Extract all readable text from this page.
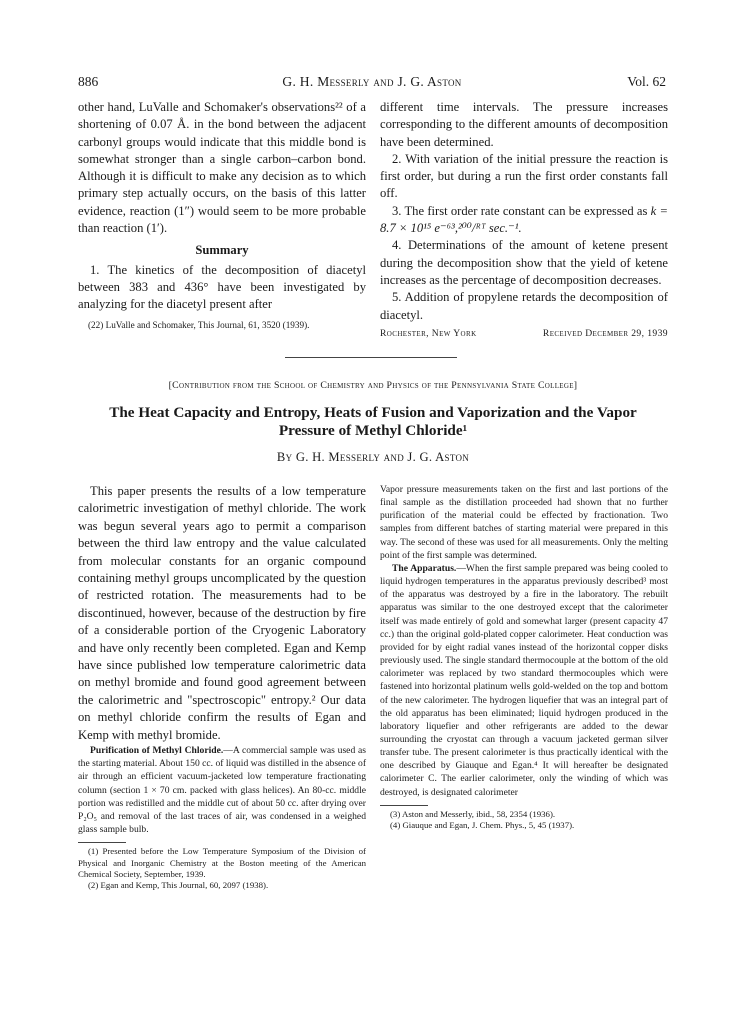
886	G. H. Messerly and J. G. Aston	Vol. 62

other hand, LuValle and Schomaker's observations²² of a shortening of 0.07 Å. in the bond between the adjacent carbonyl groups would indicate that this middle bond is somewhat stronger than a single carbon–carbon bond. Although it is difficult to make any decision as to which primary step actually occurs, on the basis of this latter evidence, reaction (1″) would seem to be more probable than reaction (1′).

Summary

1. The kinetics of the decomposition of diacetyl between 383 and 436° have been investigated by analyzing for the diacetyl present after

(22) LuValle and Schomaker, This Journal, 61, 3520 (1939).

different time intervals. The pressure increases corresponding to the different amounts of decomposition have been determined.

2. With variation of the initial pressure the reaction is first order, but during a run the first order constants fall off.

3. The first order rate constant can be expressed as k = 8.7 × 10¹⁵ e⁻⁶³,²⁰⁰/ᴿᵀ sec.⁻¹.

4. Determinations of the amount of ketene present during the decomposition show that the yield of ketene increases as the percentage of decomposition decreases.

5. Addition of propylene retards the decomposition of diacetyl.

Rochester, New York	Received December 29, 1939
[Contribution from the School of Chemistry and Physics of the Pennsylvania State College]
The Heat Capacity and Entropy, Heats of Fusion and Vaporization and the Vapor
Pressure of Methyl Chloride¹
By G. H. Messerly and J. G. Aston

This paper presents the results of a low temperature calorimetric investigation of methyl chloride. The work was begun several years ago to permit a comparison between the third law entropy and the value calculated from molecular constants for an organic compound containing methyl groups uncomplicated by the question of restricted rotation. The measurements had to be discontinued, however, because of the destruction by fire of a considerable portion of the Cryogenic Laboratory and have only recently been completed. Egan and Kemp have since published low temperature calorimetric data on methyl bromide and found good agreement between the calorimetric and "spectroscopic" entropy.² Our data on methyl chloride confirm the results of Egan and Kemp with methyl bromide.

Purification of Methyl Chloride.—A commercial sample was used as the starting material. About 150 cc. of liquid was distilled in the absence of air through an efficient vacuum-jacketed low temperature fractionating column (section 1 × 70 cm. packed with glass helices). An 80-cc. middle portion was redistilled and the middle cut of about 50 cc. after drying over P₂O₅ and removal of the last traces of air, was condensed in a weighed glass sample bulb.

(1) Presented before the Low Temperature Symposium of the Division of Physical and Inorganic Chemistry at the Boston meeting of the American Chemical Society, September, 1939.

(2) Egan and Kemp, This Journal, 60, 2097 (1938).

Vapor pressure measurements taken on the first and last portions of the final sample as the distillation proceeded had shown that no further purification of the material could be effected by fractionation. Two samples from different batches of starting material were prepared in this way. The second of these was used for all measurements. Only the melting point of the first sample was determined.

The Apparatus.—When the first sample prepared was being cooled to liquid hydrogen temperatures in the apparatus previously described³ most of the apparatus was destroyed by a fire in the laboratory. The rebuilt apparatus was similar to the one destroyed except that the calorimeter itself was made entirely of gold and somewhat larger (present capacity 47 cc.) than the original gold-plated copper calorimeter. Heat conduction was provided for by eight radial vanes instead of the horizontal copper disks previously used. The single standard thermocouple at the bottom of the old calorimeter was replaced by two standard thermocouples which were fastened into horizontal platinum wells gold-welded on the top and bottom of the new calorimeter. The hydrogen liquefier that was an integral part of the old apparatus has been eliminated; liquid hydrogen produced in the laboratory liquefier and other refrigerants are added to the dewar surrounding the cryostat can through a vacuum jacketed german silver transfer tube. The present calorimeter is thus practically identical with the one described by Giauque and Egan.⁴ It will hereafter be designated calorimeter C. The earlier calorimeter, only the winding of which was destroyed, is designated calorimeter

(3) Aston and Messerly, ibid., 58, 2354 (1936).

(4) Giauque and Egan, J. Chem. Phys., 5, 45 (1937).
